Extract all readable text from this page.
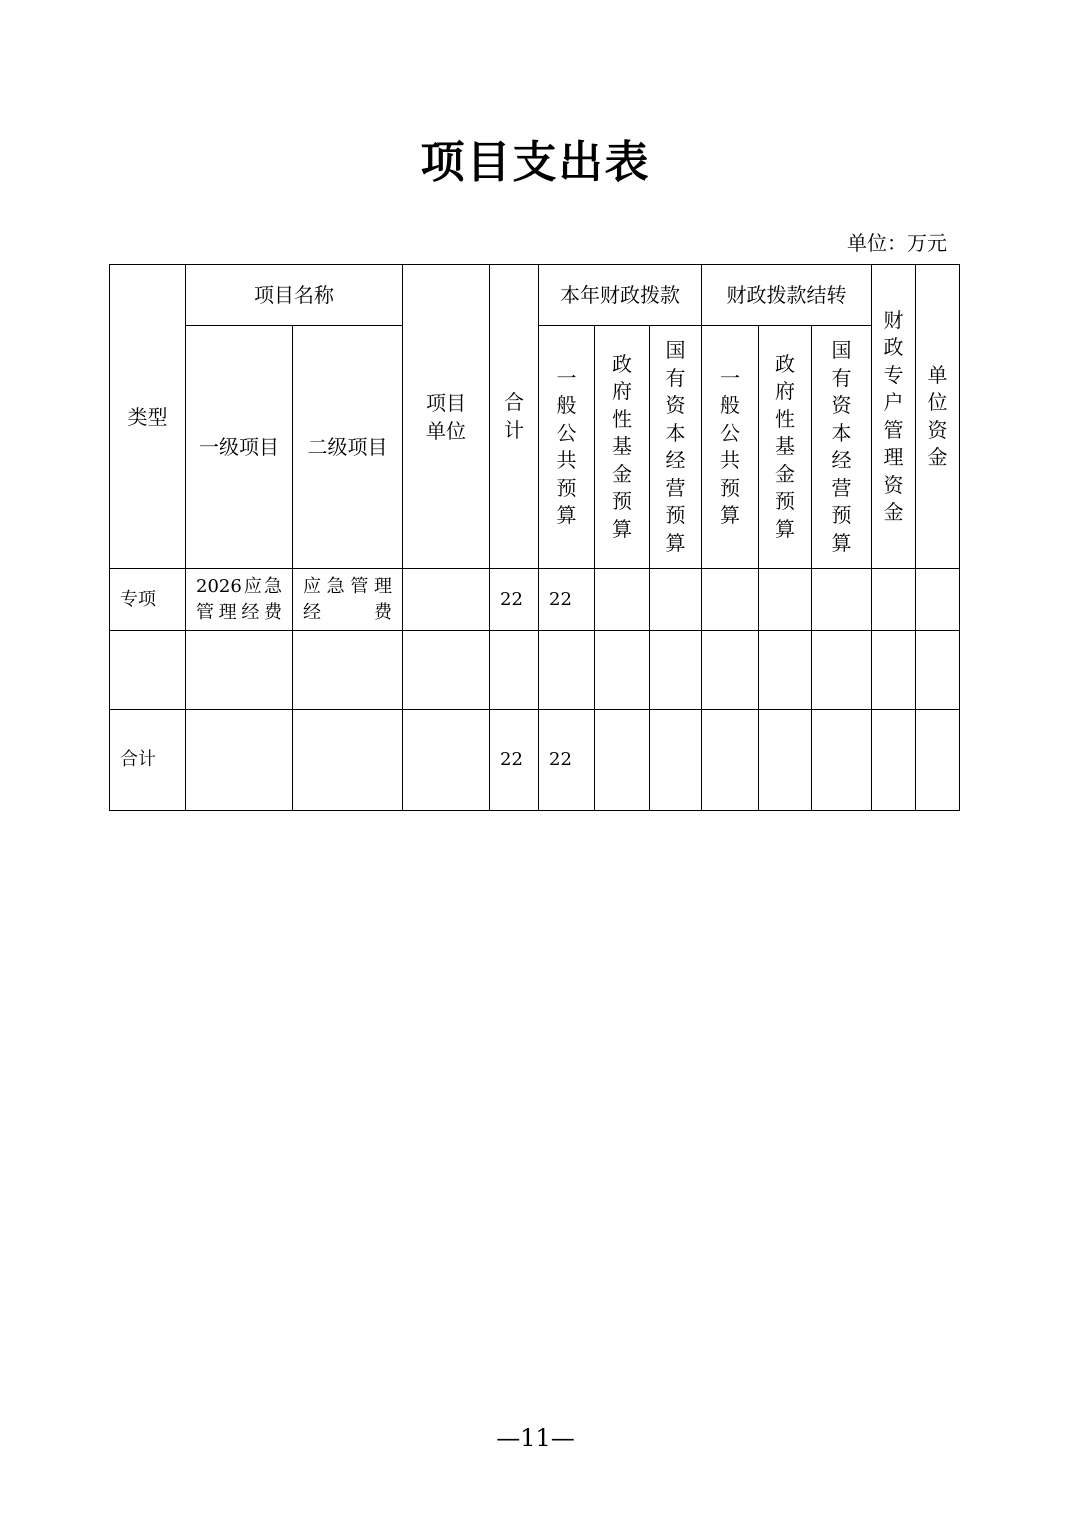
项目支出表
单位：万元
类型	项目名称		项目单位	合计	本年财政拨款			财政拨款结转			财政专户管理资金	单位资金

	一级项目	二级项目			一般公共预算	政府性基金预算	国有资本经营预算	一般公共预算	政府性基金预算	国有资本经营预算		

专项	2026应急管理经费	应急管理经费		22	22							

合计				22	22							
—11—
